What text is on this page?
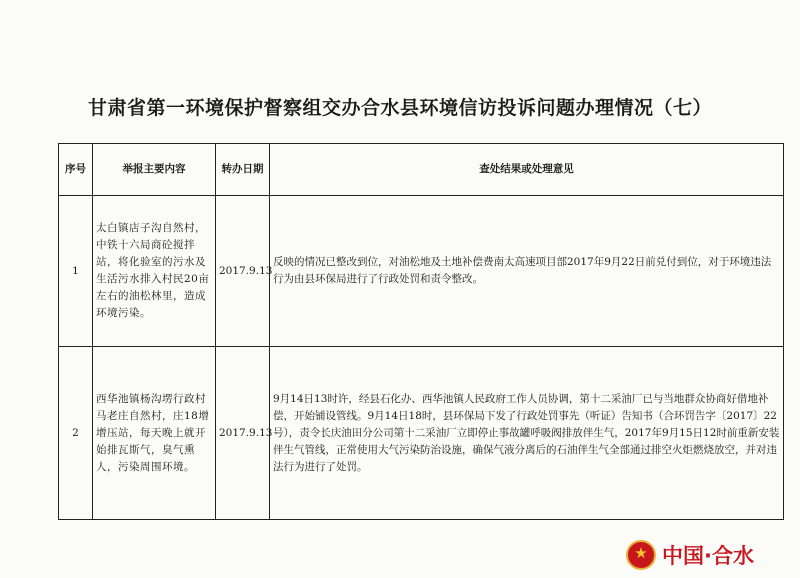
甘肃省第一环境保护督察组交办合水县环境信访投诉问题办理情况（七）
序号	举报主要内容	转办日期	查处结果或处理意见
1	太白镇店子沟自然村，中铁十六局商砼搅拌站，将化验室的污水及生活污水排入村民20亩左右的油松林里，造成环境污染。	2017.9.13	反映的情况已整改到位，对油松地及土地补偿费南太高速项目部2017年9月22日前兑付到位，对于环境违法行为由县环保局进行了行政处罚和责令整改。
2	西华池镇杨沟塄行政村马老庄自然村，庄18增增压站，每天晚上就开始排瓦斯气，臭气熏人，污染周围环境。	2017.9.13	9月14日13时许，经县石化办、西华池镇人民政府工作人员协调，第十二采油厂已与当地群众协商好借地补偿，开始铺设管线。9月14日18时，县环保局下发了行政处罚事先（听证）告知书（合环罚告字〔2017〕22号），责令长庆油田分公司第十二采油厂立即停止事故罐呼吸阀排放伴生气，2017年9月15日12时前重新安装伴生气管线，正常使用大气污染防治设施，确保气液分离后的石油伴生气全部通过排空火炬燃烧放空，并对违法行为进行了处罚。
★
中国·合水
